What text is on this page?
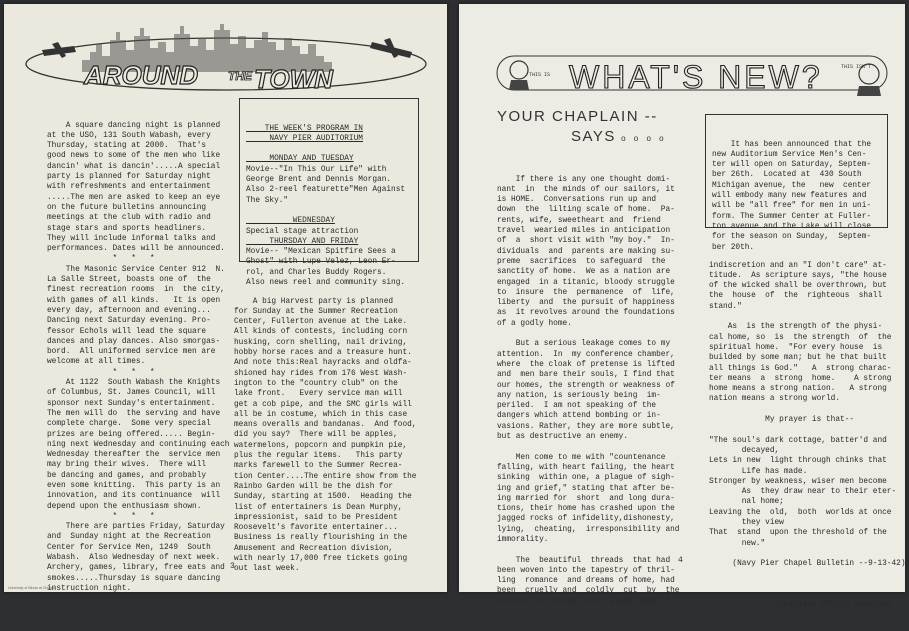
AROUND THE TOWN

A square dancing night is planned
at the USO, 131 South Wabash, every
Thursday, stating at 2000.  That's
good news to some of the men who like
dancin' what is dancin'.....A special
party is planned for Saturday night
with refreshments and entertainment
.....The men are asked to keep an eye
on the future bulletins announcing
meetings at the club with radio and
stage stars and sports headliners.
They will include informal talks and
performances. Dates will be announced.
*   *   *
The Masonic Service Center 912  N.
La Salle Street, boasts one of  the
finest recreation rooms  in  the city,
with games of all kinds.   It is open
every day, afternoon and evening...
Dancing next Saturday evening. Pro-
fessor Echols will lead the square
dances and play dances. Also smorgas-
bord.  All uniformed service men are
welcome at all times.
*   *   *
At 1122  South Wabash the Knights
of Columbus, St. James Council, will
sponsor next Sunday's entertainment.
The men will do  the serving and have
complete charge.  Some very special
prizes are being offered..... Begin-
ning next Wednesday and continuing each
Wednesday thereafter the  service men
may bring their wives.  There will
be dancing and games, and probably
even some knitting.  This party is an
innovation, and its continuance  will
depend upon the enthusiasm shown.
*   *   *
There are parties Friday, Saturday
and  Sunday night at the Recreation
Center for Service Men, 1249  South
Wabash.  Also Wednesday of next week.
Archery, games, library, free eats and
smokes.....Thursday is square dancing
instruction night.

THE WEEK'S PROGRAM IN
NAVY PIER AUDITORIUM
MONDAY AND TUESDAY
Movie--"In This Our Life" with
George Brent and Dennis Morgan.
Also 2-reel featurette"Men Against
The Sky."
WEDNESDAY
Special stage attraction
THURSDAY AND FRIDAY
Movie-- "Mexican Spitfire Sees a
Ghost" with Lupe Velez, Leon Er-
rol, and Charles Buddy Rogers.
Also news reel and community sing.

A big Harvest party is planned
for Sunday at the Summer Recreation
Center, Fullerton avenue at the Lake.
All kinds of contests, including corn
husking, corn shelling, nail driving,
hobby horse races and a treasure hunt.
And note this:Real hayracks and oldfa-
shioned hay rides from 176 West Wash-
ington to the "country club" on the
lake front.   Every service man will
get a cob pipe, and the SMC girls will
all be in costume, which in this case
means overalls and bandanas.  And food,
did you say?  There will be apples,
watermelons, popcorn and pumpkin pie,
plus the regular items.   This party
marks farewell to the Summer Recrea-
tion Center....The entire show from the
Rainbo Garden will be the dish for
Sunday, starting at 1500.  Heading the
list of entertainers is Dean Murphy,
impressionist, said to be President
Roosevelt's favorite entertainer...
Business is really flourishing in the
Amusement and Recreation division,
with nearly 17,000 free tickets going
out last week.

3
University of Illinois at Chicago
THIS IS WHAT'S NEW?	THIS ISN'T
YOUR CHAPLAIN --
SAYS o o o o

If there is any one thought domi-
nant  in  the minds of our sailors, it
is HOME.  Conversations run up and
down  the  lilting scale of home.  Pa-
rents, wife, sweetheart and  friend
travel  wearied miles in anticipation
of  a  short visit with "my boy."  In-
dividuals  and  parents are making su-
preme  sacrifices  to safeguard  the
sanctity of home.  We as a nation are
engaged  in a titanic, bloody struggle
to  insure  the  permanence  of  life,
liberty  and  the pursuit of happiness
as  it revolves around the foundations
of a godly home.
But a serious leakage comes to my
attention.  In  my conference chamber,
where  the cloak of pretense is lifted
and  men bare their souls, I find that
our homes, the strength or weakness of
any nation, is seriously being  im-
periled.  I am not speaking of the
dangers which attend bombing or in-
vasions. Rather, they are more subtle,
but as destructive an enemy.
Men come to me with "countenance
falling, with heart failing, the heart
sinking  within one, a plague of sigh-
ing and grief," stating that after be-
ing married for  short  and long dura-
tions, their home has crashed upon the
jagged rocks of infidelity,dishonesty,
lying,  cheating,  irresponsibility and
immorality.
The  beautiful  threads  that had
been woven into the tapestry of thril-
ling  romance  and dreams of home, had
been  cruelly and  coldly  cut  by  the
subtle  but sharp razor blade edge of

It has been announced that the
new Auditorium Service Men's Cen-
ter will open on Saturday, Septem-
ber 26th.  Located at  430 South
Michigan avenue, the   new  center
will embody many new features and
will be "all free" for men in uni-
form. The Summer Center at Fuller-
ton avenue and the Lake will close
for the season on Sunday,  Septem-
ber 20th.

indiscretion and an "I don't care" at-
titude.  As scripture says, "the house
of the wicked shall be overthrown, but
the  house  of  the  righteous  shall
stand."
As  is the strength of the physi-
cal home, so  is  the strength  of  the
spiritual home.  "For every house  is
builded by some man; but he that built
all things is God."   A  strong charac-
ter means  a  strong  home.    A strong
home means a strong nation.   A strong
nation means a strong world.
My prayer is that--
"The soul's dark cottage, batter'd and
decayed,
Lets in new  light through chinks that
Life has made.
Stronger by weakness, wiser men become
As  they draw near to their eter-
nal home;
Leaving the  old,  both  worlds at once
they view
That  stand  upon the threshold of the
new."
(Navy Pier Chapel Bulletin --9-13-42)
-----Chaplain Philip Nicholas

4
